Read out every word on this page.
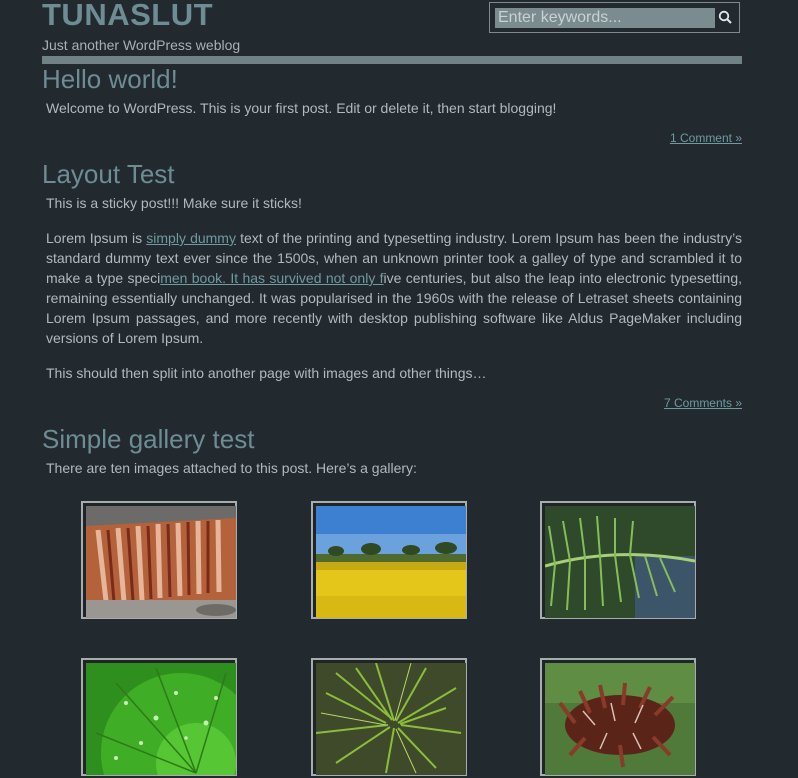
TUNASLUT
Just another WordPress weblog
Enter keywords...
Hello world!

Welcome to WordPress. This is your first post. Edit or delete it, then start blogging!

1 Comment »
Layout Test

This is a sticky post!!! Make sure it sticks!

Lorem Ipsum is simply dummy text of the printing and typesetting industry. Lorem Ipsum has been the industry’s standard dummy text ever since the 1500s, when an unknown printer took a galley of type and scrambled it to make a type specimen book. It has survived not only five centuries, but also the leap into electronic typesetting, remaining essentially unchanged. It was popularised in the 1960s with the release of Letraset sheets containing Lorem Ipsum passages, and more recently with desktop publishing software like Aldus PageMaker including versions of Lorem Ipsum.

This should then split into another page with images and other things…

7 Comments »
Simple gallery test

There are ten images attached to this post. Here’s a gallery:
